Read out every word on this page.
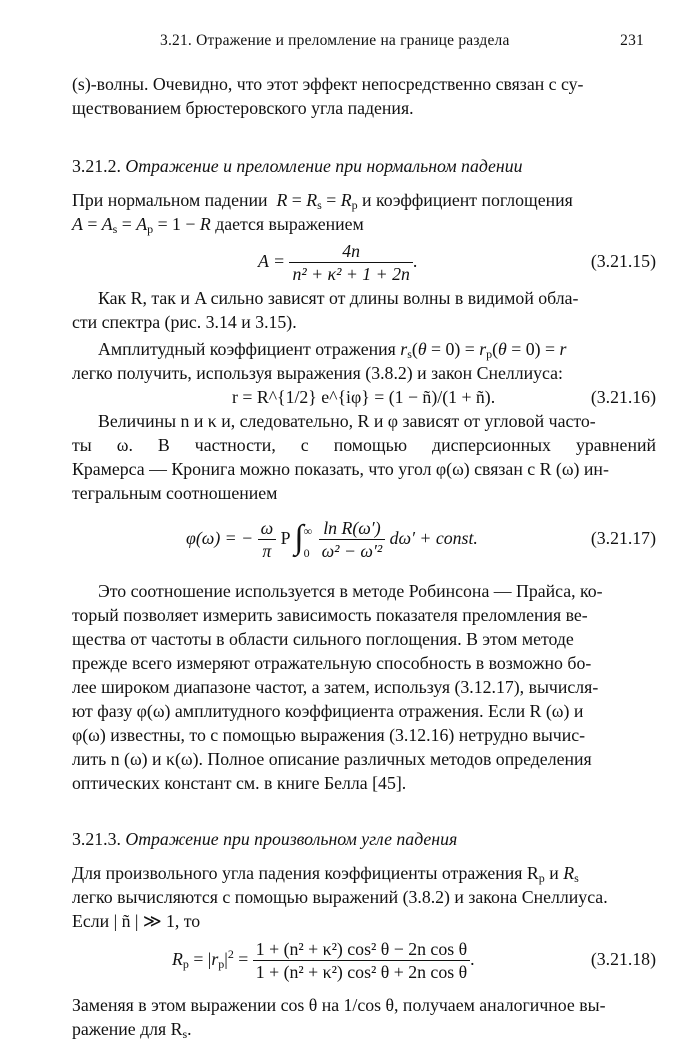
3.21. Отражение и преломление на границе раздела	231

(s)-волны. Очевидно, что этот эффект непосредственно связан с су-
ществованием брюстеровского угла падения.

3.21.2. Отражение и преломление при нормальном падении

При нормальном падении $R = R_s = R_p$ и коэффициент поглощения
$A = A_s = A_p = 1 - R$ дается выражением

$A = \frac{4n}{\text{n² + κ² + 1 + 2n}}$ .	(3.21.15)

Как R, так и A сильно зависят от длины волны в видимой обла-
сти спектра (рис. 3.14 и 3.15).

Амплитудный коэффициент отражения $r_s(\theta = 0) = r_p(\theta = 0) = r$
легко получить, используя выражения (3.8.2) и закон Снеллиуса:

r = R^{1/2} e^{iφ} = (1 − ñ)/(1 + ñ).	(3.21.16)

Величины n и κ и, следовательно, R и φ зависят от угловой часто-
ты ω. В частности, с помощью дисперсионных уравнений
Крамерса — Кронига можно показать, что угол φ(ω) связан с R (ω) ин-
тегральным соотношением

φ(ω) = − $\frac{\omega}{\pi}$ P ∫ ∞
0
$\frac{\text{ln R(ω′)}}{\text{ω² − ω′²}} d\omega'$ + const.	(3.21.17)

Это соотношение используется в методе Робинсона — Прайса, ко-
торый позволяет измерить зависимость показателя преломления ве-
щества от частоты в области сильного поглощения. В этом методе
прежде всего измеряют отражательную способность в возможно бо-
лее широком диапазоне частот, а затем, используя (3.12.17), вычисля-
ют фазу φ(ω) амплитудного коэффициента отражения. Если R (ω) и
φ(ω) известны, то с помощью выражения (3.12.16) нетрудно вычис-
лить n (ω) и κ(ω). Полное описание различных методов определения
оптических констант см. в книге Белла [45].

3.21.3. Отражение при произвольном угле падения

Для произвольного угла падения коэффициенты отражения $R_p$ и $R_s$
легко вычисляются с помощью выражений (3.8.2) и закона Снеллиуса.
Если | ñ | ≫ 1, то

$R_p = |r_p|^2 = \frac{\text{1 + (n² + κ²) cos² θ − 2n cos θ}}{\text{1 + (n² + κ²) cos² θ + 2n cos θ}}$ .	(3.21.18)

Заменяя в этом выражении cos θ на 1/cos θ, получаем аналогичное вы-
ражение для $R_s$.
